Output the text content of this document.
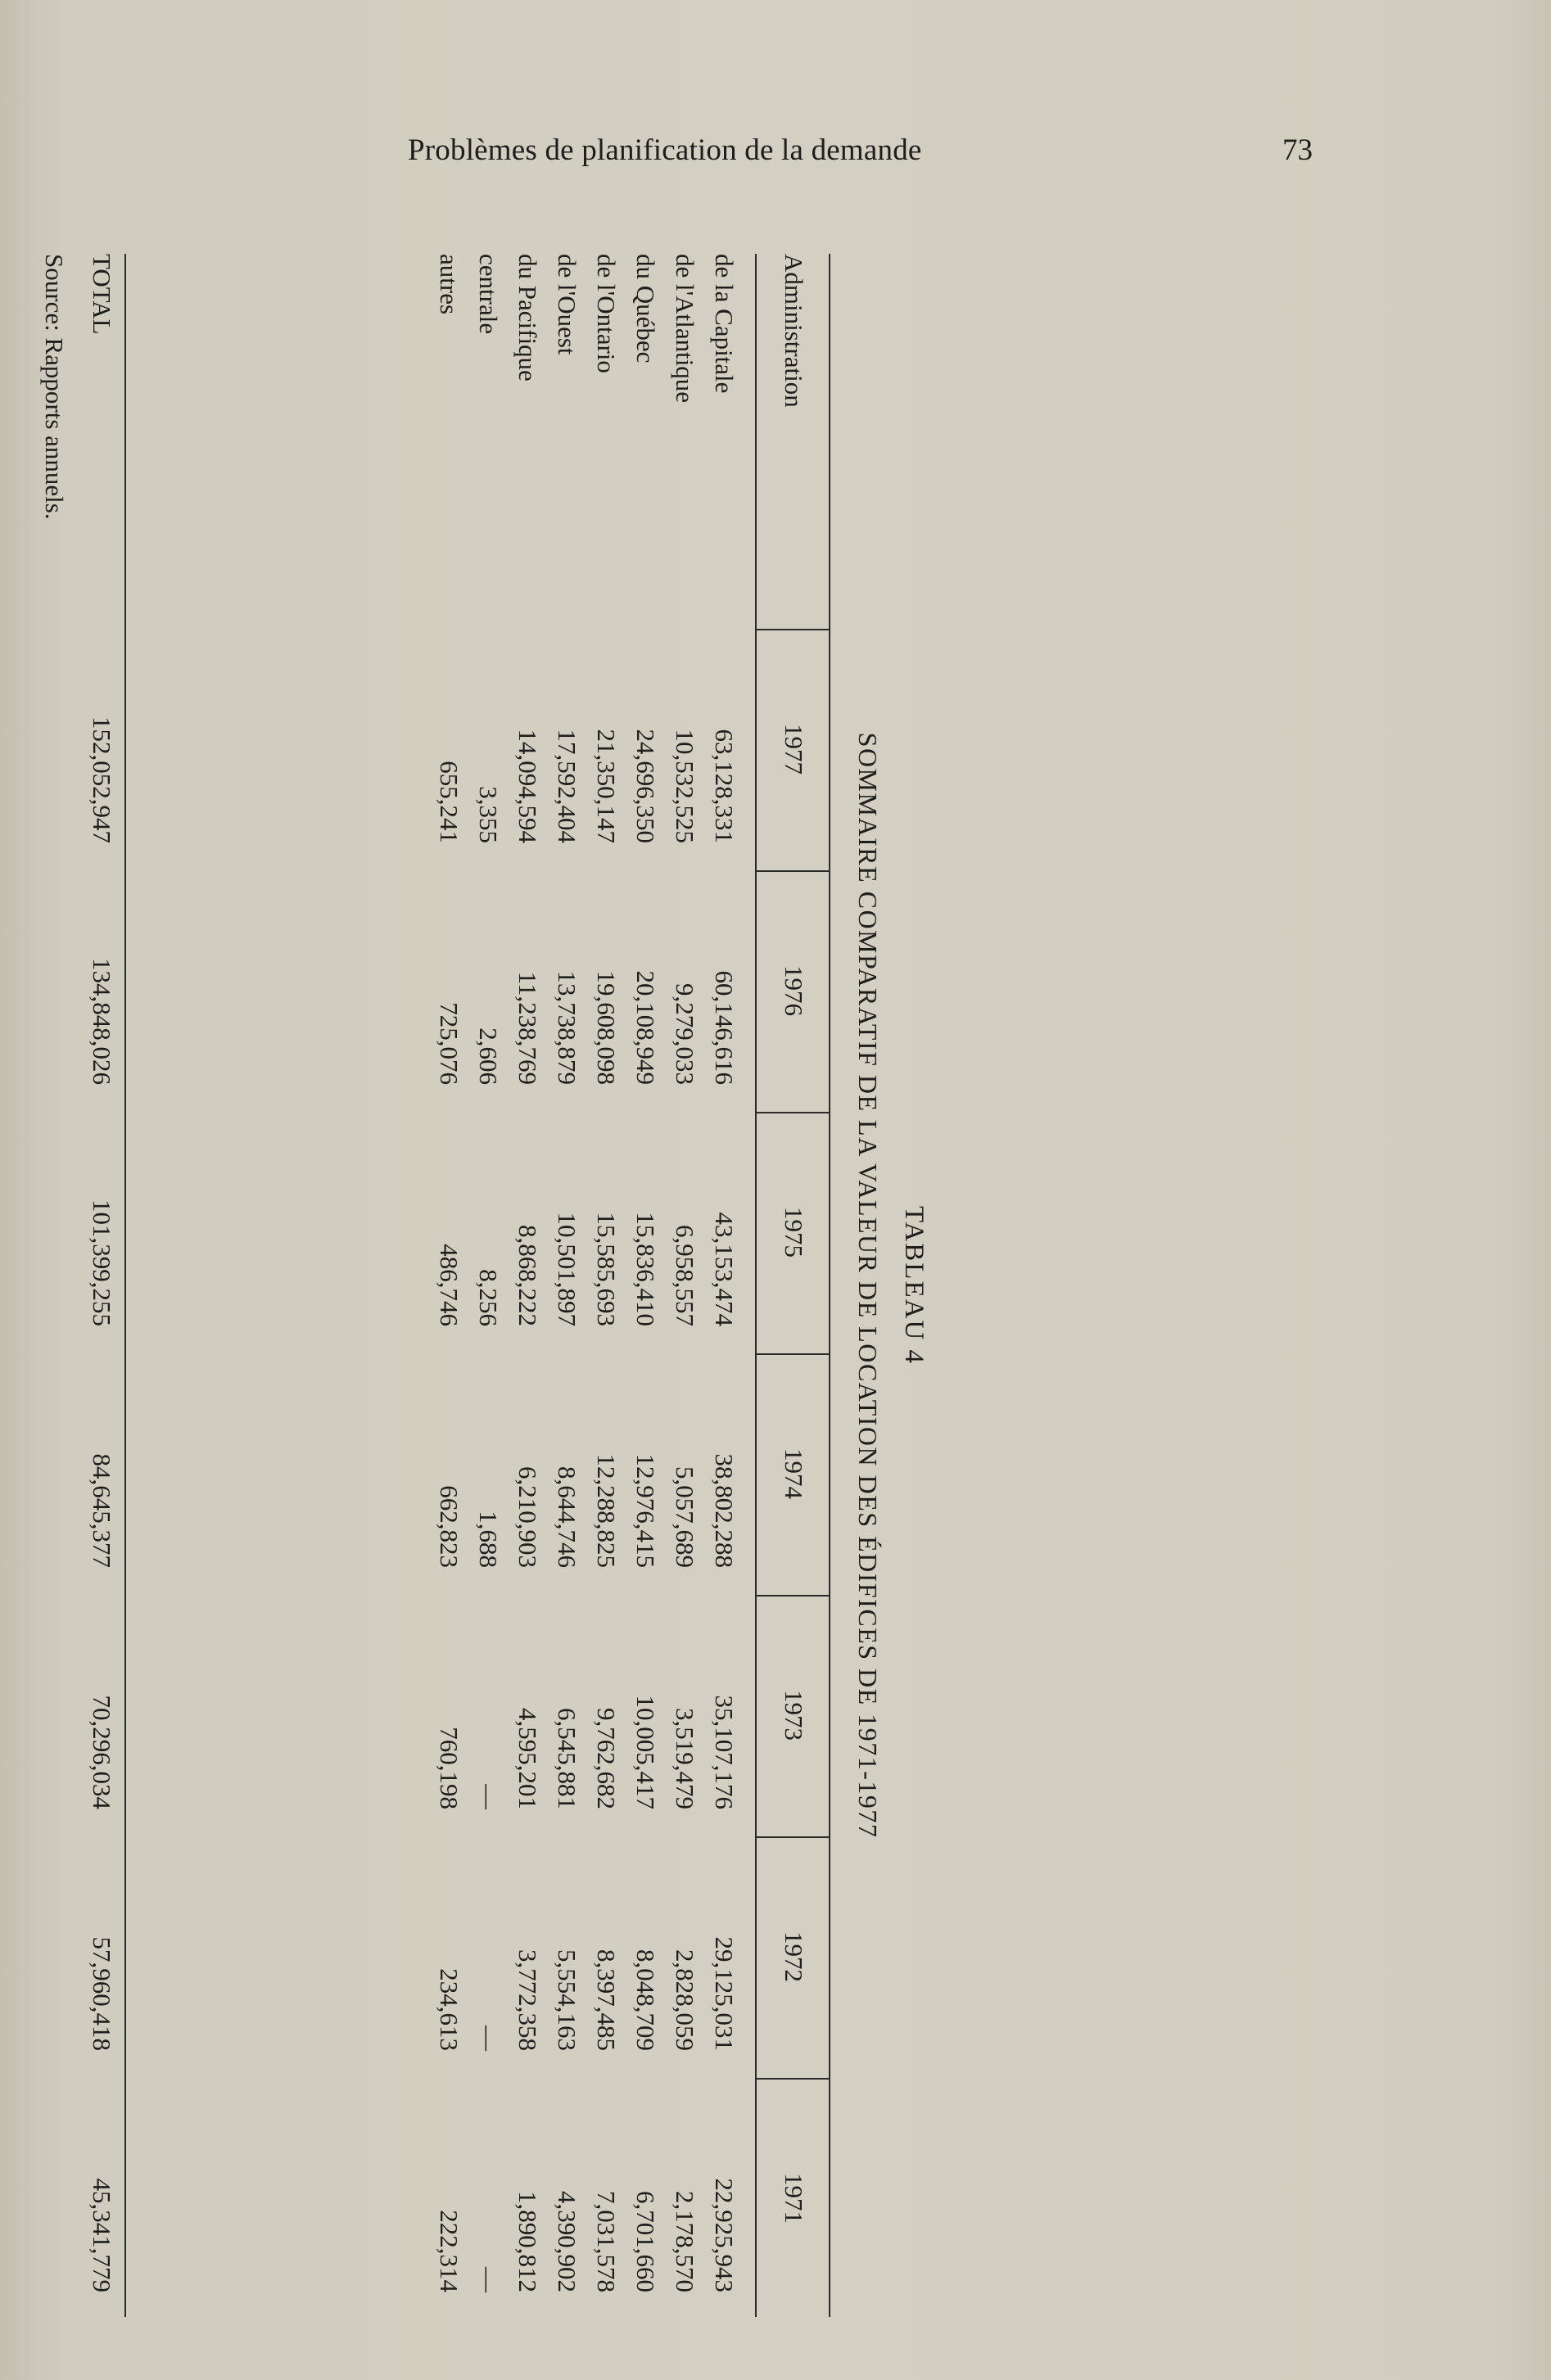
Problèmes de planification de la demande	73
TABLEAU 4
SOMMAIRE COMPARATIF DE LA VALEUR DE LOCATION DES ÉDIFICES DE 1971-1977
Administration
Source: Rapports annuels.
1977
1976
1975
1974
1973
1972
1971
de la Capitale
63,128,331
60,146,616
43,153,474
38,802,288
35,107,176
29,125,031
22,925,943
de l'Atlantique
10,532,525
9,279,033
6,958,557
5,057,689
3,519,479
2,828,059
2,178,570
du Québec
24,696,350
20,108,949
15,836,410
12,976,415
10,005,417
8,048,709
6,701,660
de l'Ontario
21,350,147
19,608,098
15,585,693
12,288,825
9,762,682
8,397,485
7,031,578
de l'Ouest
17,592,404
13,738,879
10,501,897
8,644,746
6,545,881
5,554,163
4,390,902
du Pacifique
14,094,594
11,238,769
8,868,222
6,210,903
4,595,201
3,772,358
1,890,812
centrale
3,355
2,606
8,256
1,688
—
—
—
autres
655,241
725,076
486,746
662,823
760,198
234,613
222,314
TOTAL
152,052,947
134,848,026
101,399,255
84,645,377
70,296,034
57,960,418
45,341,779
